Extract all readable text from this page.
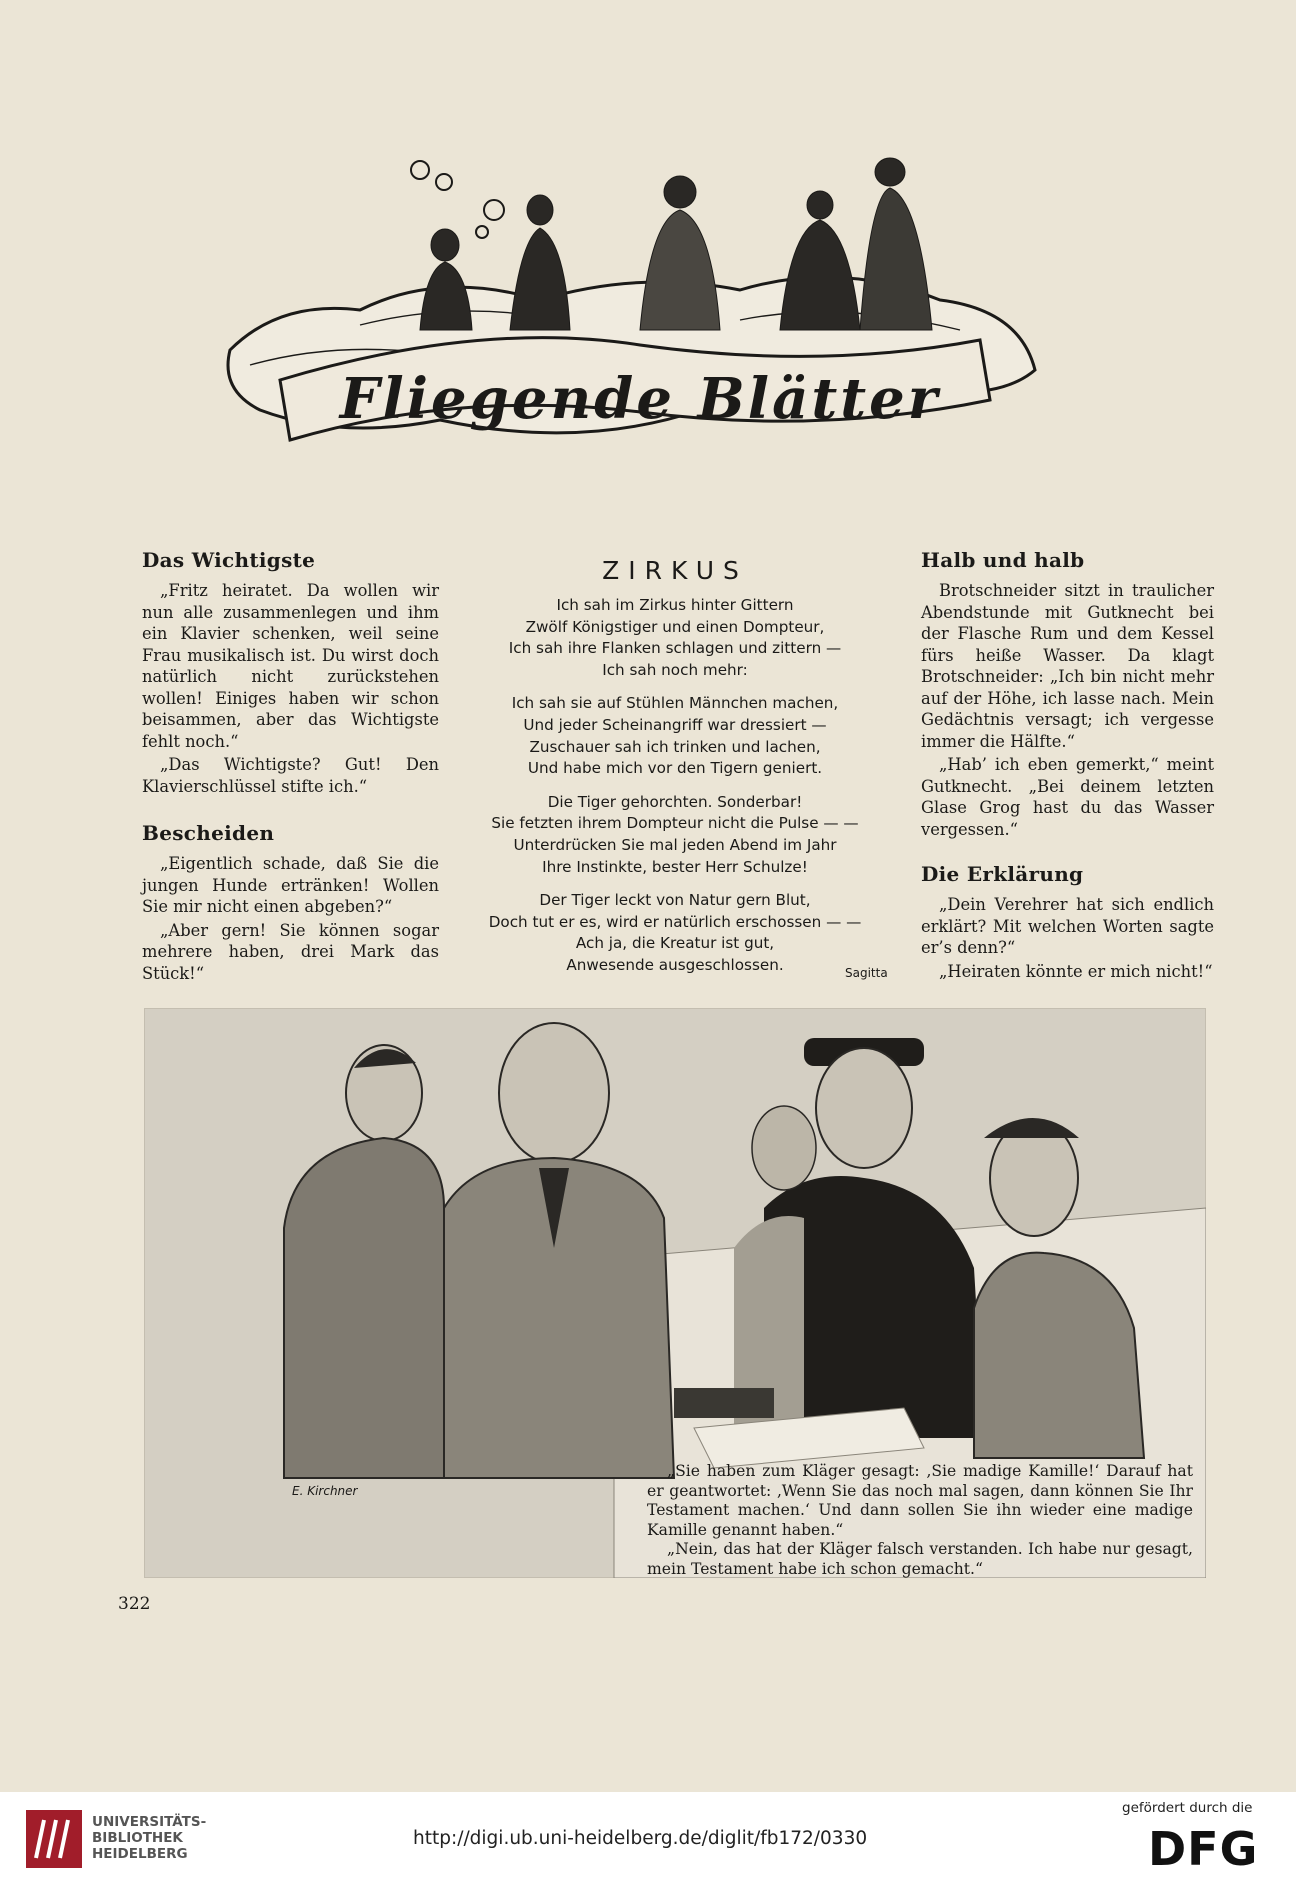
Fliegende Blätter
Das Wichtigste

„Fritz heiratet. Da wollen wir nun alle zusammenlegen und ihm ein Klavier schenken, weil seine Frau musikalisch ist. Du wirst doch natürlich nicht zurückstehen wollen! Einiges haben wir schon beisammen, aber das Wichtigste fehlt noch.“

„Das Wichtigste? Gut! Den Klavierschlüssel stifte ich.“

Bescheiden

„Eigentlich schade, daß Sie die jungen Hunde ertränken! Wollen Sie mir nicht einen abgeben?“

„Aber gern! Sie können sogar mehrere haben, drei Mark das Stück!“

ZIRKUS
Ich sah im Zirkus hinter Gittern
Zwölf Königstiger und einen Dompteur,
Ich sah ihre Flanken schlagen und zittern —
Ich sah noch mehr:
Ich sah sie auf Stühlen Männchen machen,
Und jeder Scheinangriff war dressiert —
Zuschauer sah ich trinken und lachen,
Und habe mich vor den Tigern geniert.
Die Tiger gehorchten. Sonderbar!
Sie fetzten ihrem Dompteur nicht die Pulse — —
Unterdrücken Sie mal jeden Abend im Jahr
Ihre Instinkte, bester Herr Schulze!
Der Tiger leckt von Natur gern Blut,
Doch tut er es, wird er natürlich erschossen — —
Ach ja, die Kreatur ist gut,
Anwesende ausgeschlossen.	Sagitta
Halb und halb

Brotschneider sitzt in traulicher Abendstunde mit Gutknecht bei der Flasche Rum und dem Kessel fürs heiße Wasser. Da klagt Brotschneider: „Ich bin nicht mehr auf der Höhe, ich lasse nach. Mein Gedächtnis versagt; ich vergesse immer die Hälfte.“

„Hab’ ich eben gemerkt,“ meint Gutknecht. „Bei deinem letzten Glase Grog hast du das Wasser vergessen.“

Die Erklärung

„Dein Verehrer hat sich endlich erklärt? Mit welchen Worten sagte er’s denn?“

„Heiraten könnte er mich nicht!“

E. Kirchner

„Sie haben zum Kläger gesagt: ‚Sie madige Kamille!‘ Darauf hat er geantwortet: ‚Wenn Sie das noch mal sagen, dann können Sie Ihr Testament machen.‘ Und dann sollen Sie ihn wieder eine madige Kamille genannt haben.“

„Nein, das hat der Kläger falsch verstanden. Ich habe nur gesagt, mein Testament habe ich schon gemacht.“

322
UNIVERSITÄTS-
BIBLIOTHEK
HEIDELBERG
http://digi.ub.uni-heidelberg.de/diglit/fb172/0330
gefördert durch die
DFG
